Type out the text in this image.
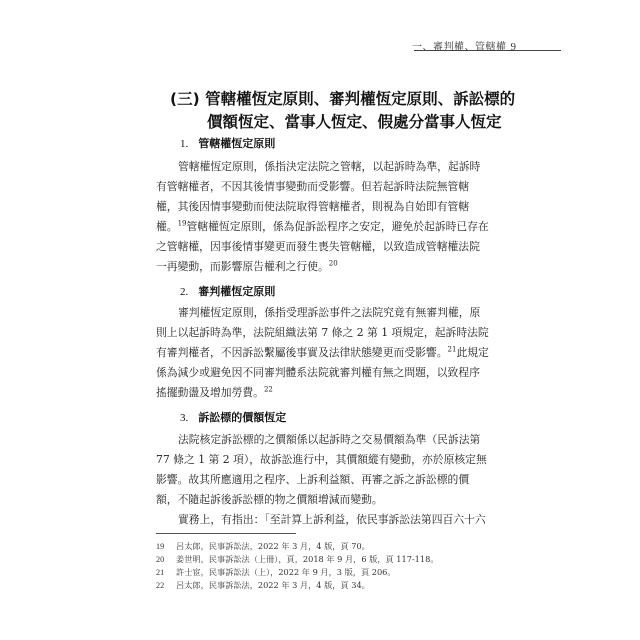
一、審判權、管轄權 9
(三) 管轄權恆定原則、審判權恆定原則、訴訟標的
價額恆定、當事人恆定、假處分當事人恆定
1. 管轄權恆定原則
管轄權恆定原則，係指決定法院之管轄，以起訴時為準，起訴時
有管轄權者，不因其後情事變動而受影響。但若起訴時法院無管轄
權，其後因情事變動而使法院取得管轄權者，則視為自始即有管轄
權。$^{19}$管轄權恆定原則，係為促訴訟程序之安定，避免於起訴時已存在
之管轄權，因事後情事變更而發生喪失管轄權，以致造成管轄權法院
一再變動，而影響原告權利之行使。$^{20}$
2. 審判權恆定原則
審判權恆定原則，係指受理訴訟事件之法院究竟有無審判權，原
則上以起訴時為準，法院組織法第 7 條之 2 第 1 項規定，起訴時法院
有審判權者，不因訴訟繫屬後事實及法律狀態變更而受影響。$^{21}$此規定
係為減少或避免因不同審判體系法院就審判權有無之問題，以致程序
搖擺動盪及增加勞費。$^{22}$
3. 訴訟標的價額恆定
法院核定訴訟標的之價額係以起訴時之交易價額為準（民訴法第
77 條之 1 第 2 項），故訴訟進行中，其價額縱有變動，亦於原核定無
影響。故其所應適用之程序、上訴利益額、再審之訴之訴訟標的價
額，不隨起訴後訴訟標的物之價額增減而變動。
實務上，有指出：「至計算上訴利益，依民事訴訟法第四百六十六
19 呂太郎，民事訴訟法，2022 年 3 月，4 版，頁 70。
20 姜世明，民事訴訟法（上冊），頁，2018 年 9 月，6 版，頁 117-118。
21 許士宦，民事訴訟法（上），2022 年 9 月，3 版，頁 206。
22 呂太郎，民事訴訟法，2022 年 3 月，4 版，頁 34。
